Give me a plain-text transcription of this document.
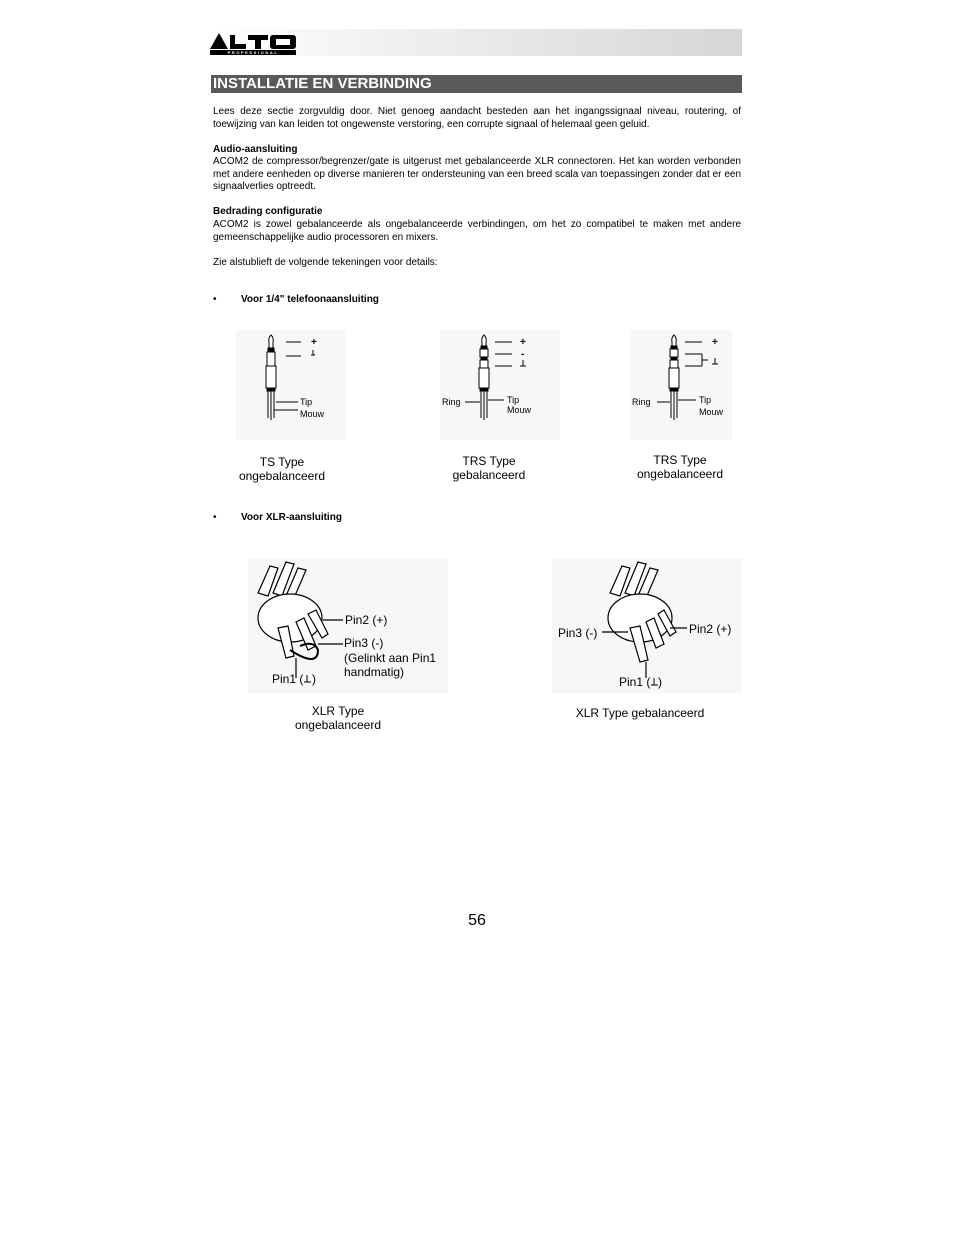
PROFESSIONAL
INSTALLATIE EN VERBINDING

Lees deze sectie zorgvuldig door. Niet genoeg aandacht besteden aan het ingangssignaal niveau, routering, of toewijzing van kan leiden tot ongewenste verstoring, een corrupte signaal of helemaal geen geluid.

Audio-aansluiting

ACOM2 de compressor/begrenzer/gate is uitgerust met gebalanceerde XLR connectoren. Het kan worden verbonden met andere eenheden op diverse manieren ter ondersteuning van een breed scala van toepassingen zonder dat er een signaalverlies optreedt.

Bedrading configuratie

ACOM2 is zowel gebalanceerde als ongebalanceerde verbindingen, om het zo compatibel te maken met andere gemeenschappelijke audio processoren en mixers.

Zie alstublieft de volgende tekeningen voor details:

• Voor 1/4" telefoonaansluiting
+
Tip
Mouw
+
-
Ring	Tip
Mouw
+
Ring	Tip
Mouw
TS Type
ongebalanceerd
TRS Type
gebalanceerd
TRS Type
ongebalanceerd
• Voor XLR-aansluiting
Pin2 (+)
Pin3 (-)
(Gelinkt aan Pin1
handmatig)
Pin1 ( )
XLR Type
ongebalanceerd
Pin3 (-)	Pin2 (+)
Pin1 ( )
XLR Type gebalanceerd
56
